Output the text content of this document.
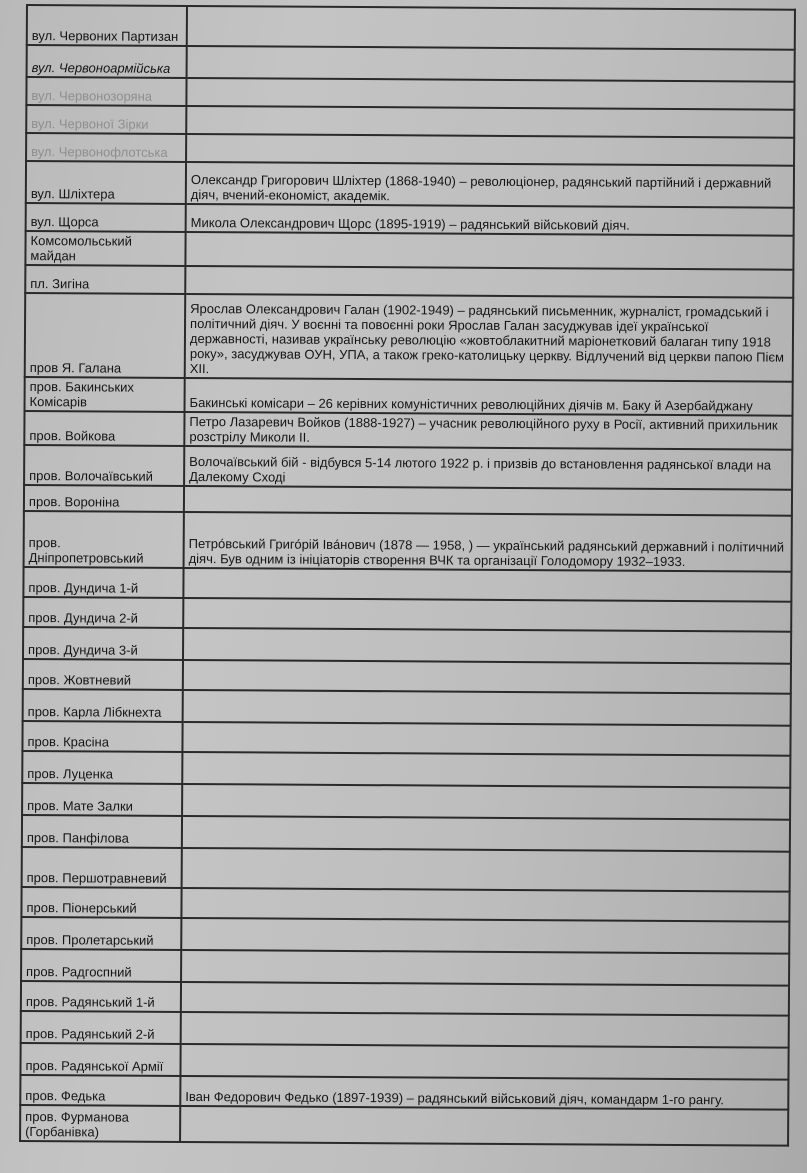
вул. Червоних Партизан	
вул. Червоноармійська	
вул. Червонозоряна	
вул. Червоної Зірки	
вул. Червонофлотська	
вул. Шліхтера	Олександр Григорович Шліхтер (1868-1940) – революціонер, радянський партійний і державний діяч, вчений-економіст, академік.
вул. Щорса	Микола Олександрович Щорс (1895-1919) – радянський військовий діяч.
Комсомольський майдан	
пл. Зигіна	
пров Я. Галана	Ярослав Олександрович Галан (1902-1949) – радянський письменник, журналіст, громадський і політичний діяч. У воєнні та повоєнні роки Ярослав Галан засуджував ідеї української державності, називав українську революцію «жовтоблакитний маріонетковий балаган типу 1918 року», засуджував ОУН, УПА, а також греко-католицьку церкву. Відлучений від церкви папою Пієм XII.
пров. Бакинських Комісарів	Бакинські комісари – 26 керівних комуністичних революційних діячів м. Баку й Азербайджану
пров. Войкова	Петро Лазаревич Войков (1888-1927) – учасник революційного руху в Росії, активний прихильник розстрілу Миколи II.
пров. Волочаївський	Волочаївський бій - відбувся 5-14 лютого 1922 р. і призвів до встановлення радянської влади на Далекому Сході
пров. Вороніна	
пров. Дніпропетровський	Петро́вський Григо́рій Іва́нович (1878 — 1958, ) — український радянський державний і політичний діяч. Був одним із ініціаторів створення ВЧК та організації Голодомору 1932–1933.
пров. Дундича 1-й	
пров. Дундича 2-й	
пров. Дундича 3-й	
пров. Жовтневий	
пров. Карла Лібкнехта	
пров. Красіна	
пров. Луценка	
пров. Мате Залки	
пров. Панфілова	
пров. Першотравневий	
пров. Піонерський	
пров. Пролетарський	
пров. Радгоспний	
пров. Радянський 1-й	
пров. Радянський 2-й	
пров. Радянської Армії	
пров. Федька	Іван Федорович Федько (1897-1939) – радянський військовий діяч, командарм 1-го рангу.
пров. Фурманова (Горбанівка)	
